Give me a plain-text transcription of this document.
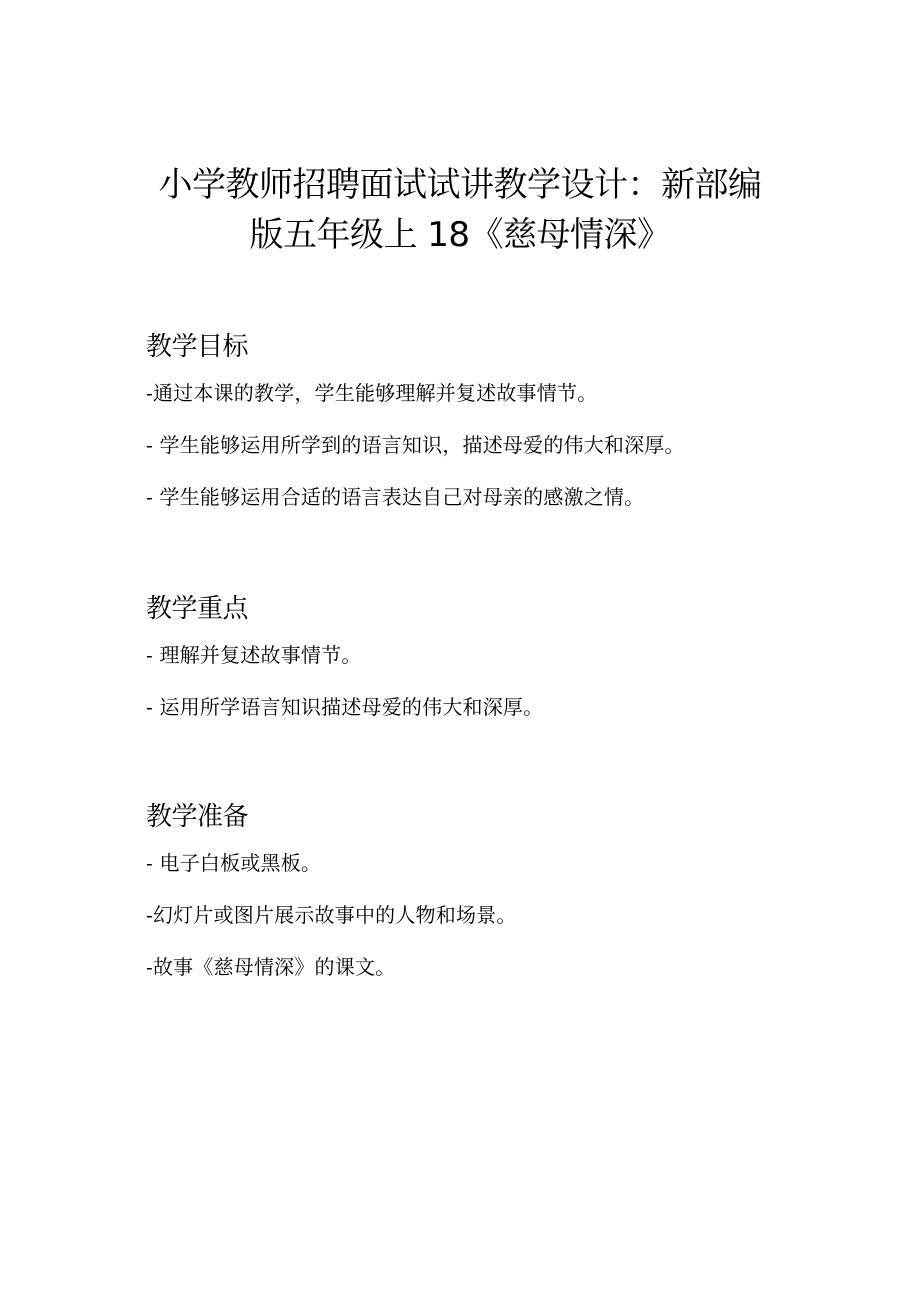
小学教师招聘面试试讲教学设计：新部编
版五年级上 18《慈母情深》
教学目标
-通过本课的教学，学生能够理解并复述故事情节。
- 学生能够运用所学到的语言知识，描述母爱的伟大和深厚。
- 学生能够运用合适的语言表达自己对母亲的感激之情。
教学重点
- 理解并复述故事情节。
- 运用所学语言知识描述母爱的伟大和深厚。
教学准备
- 电子白板或黑板。
-幻灯片或图片展示故事中的人物和场景。
-故事《慈母情深》的课文。
